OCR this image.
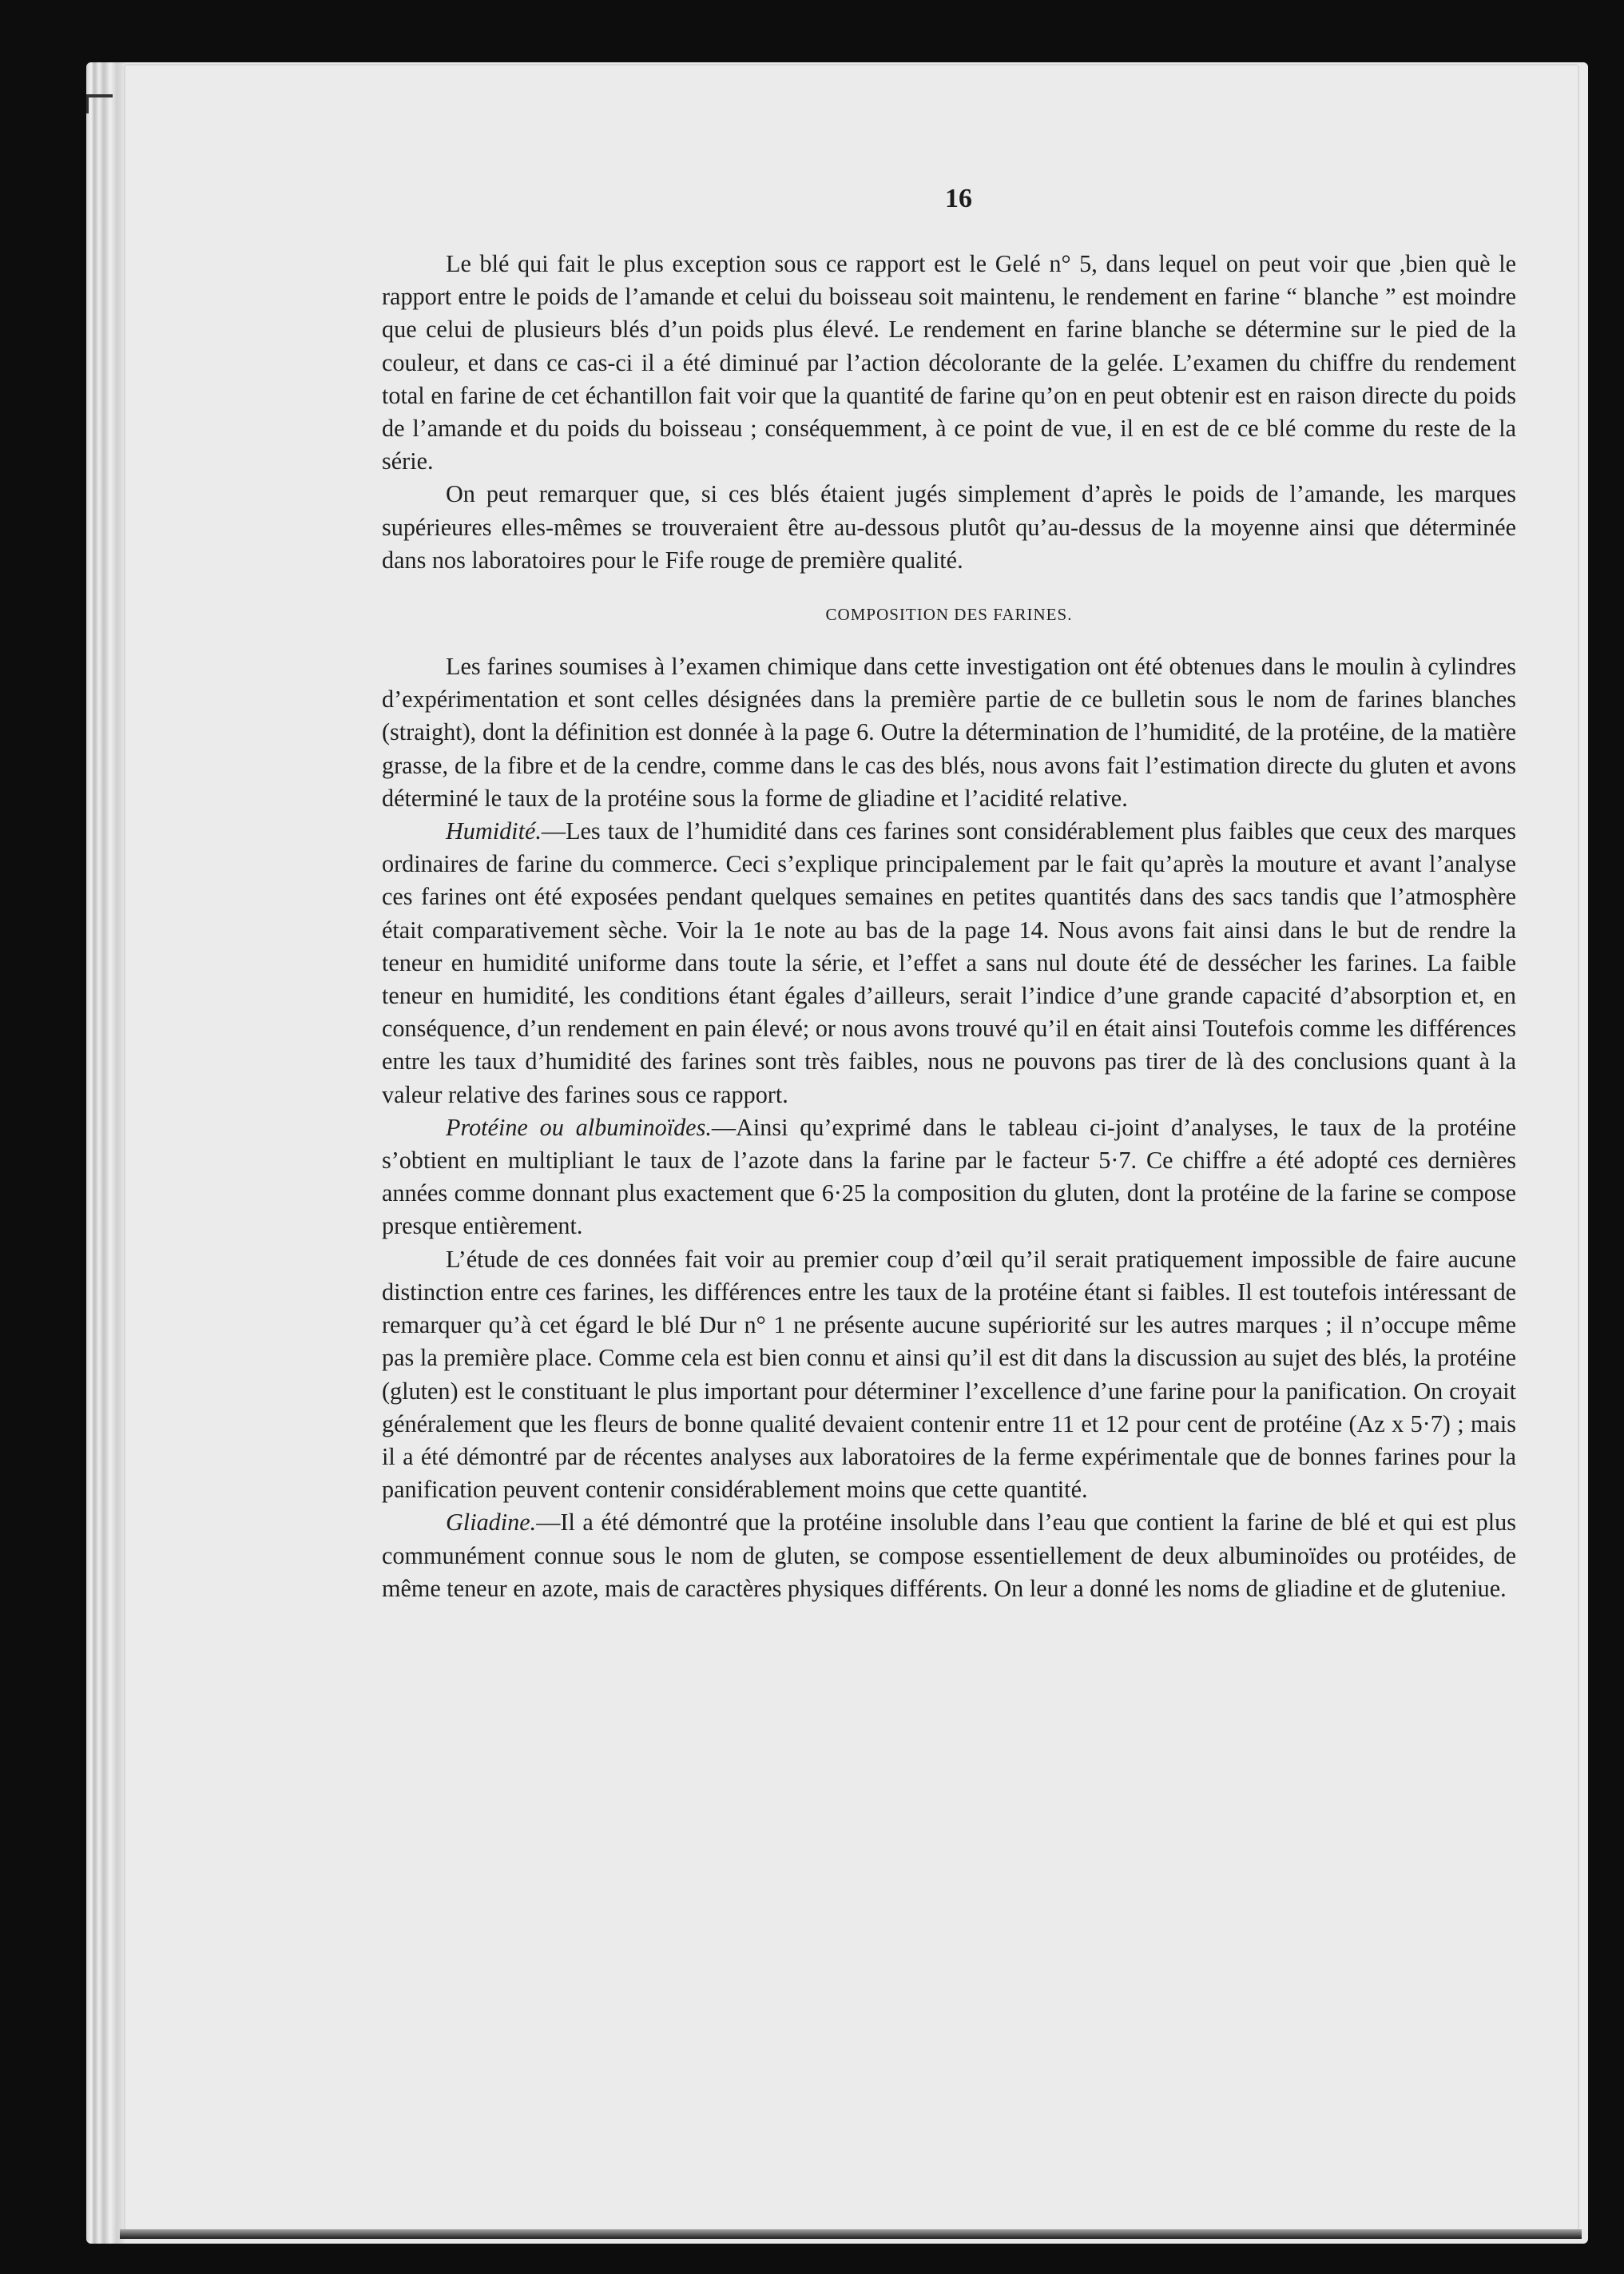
16

Le blé qui fait le plus exception sous ce rapport est le Gelé n° 5, dans lequel on peut voir que ,bien què le rapport entre le poids de l’amande et celui du boisseau soit maintenu, le rendement en farine “ blanche ” est moindre que celui de plusieurs blés d’un poids plus élevé. Le rendement en farine blanche se détermine sur le pied de la couleur, et dans ce cas-ci il a été diminué par l’action décolorante de la gelée. L’examen du chiffre du rendement total en farine de cet échantillon fait voir que la quantité de farine qu’on en peut obtenir est en raison directe du poids de l’amande et du poids du boisseau ; conséquemment, à ce point de vue, il en est de ce blé comme du reste de la série.

On peut remarquer que, si ces blés étaient jugés simplement d’après le poids de l’amande, les marques supérieures elles-mêmes se trouveraient être au-dessous plutôt qu’au-dessus de la moyenne ainsi que déterminée dans nos laboratoires pour le Fife rouge de première qualité.

COMPOSITION DES FARINES.

Les farines soumises à l’examen chimique dans cette investigation ont été obtenues dans le moulin à cylindres d’expérimentation et sont celles désignées dans la première partie de ce bulletin sous le nom de farines blanches (straight), dont la définition est donnée à la page 6. Outre la détermination de l’humidité, de la protéine, de la matière grasse, de la fibre et de la cendre, comme dans le cas des blés, nous avons fait l’estimation directe du gluten et avons déterminé le taux de la protéine sous la forme de gliadine et l’acidité relative.

Humidité.—Les taux de l’humidité dans ces farines sont considérablement plus faibles que ceux des marques ordinaires de farine du commerce. Ceci s’explique principalement par le fait qu’après la mouture et avant l’analyse ces farines ont été exposées pendant quelques semaines en petites quantités dans des sacs tandis que l’atmosphère était comparativement sèche. Voir la 1e note au bas de la page 14. Nous avons fait ainsi dans le but de rendre la teneur en humidité uniforme dans toute la série, et l’effet a sans nul doute été de dessécher les farines. La faible teneur en humidité, les conditions étant égales d’ailleurs, serait l’indice d’une grande capacité d’absorption et, en conséquence, d’un rendement en pain élevé; or nous avons trouvé qu’il en était ainsi Toutefois comme les différences entre les taux d’humidité des farines sont très faibles, nous ne pouvons pas tirer de là des conclusions quant à la valeur relative des farines sous ce rapport.

Protéine ou albuminoïdes.—Ainsi qu’exprimé dans le tableau ci-joint d’analyses, le taux de la protéine s’obtient en multipliant le taux de l’azote dans la farine par le facteur 5·7. Ce chiffre a été adopté ces dernières années comme donnant plus exactement que 6·25 la composition du gluten, dont la protéine de la farine se compose presque entièrement.

L’étude de ces données fait voir au premier coup d’œil qu’il serait pratiquement impossible de faire aucune distinction entre ces farines, les différences entre les taux de la protéine étant si faibles. Il est toutefois intéressant de remarquer qu’à cet égard le blé Dur n° 1 ne présente aucune supériorité sur les autres marques ; il n’occupe même pas la première place. Comme cela est bien connu et ainsi qu’il est dit dans la discussion au sujet des blés, la protéine (gluten) est le constituant le plus important pour déterminer l’excellence d’une farine pour la panification. On croyait généralement que les fleurs de bonne qualité devaient contenir entre 11 et 12 pour cent de protéine (Az x 5·7) ; mais il a été démontré par de récentes analyses aux laboratoires de la ferme expérimentale que de bonnes farines pour la panification peuvent contenir considérablement moins que cette quantité.

Gliadine.—Il a été démontré que la protéine insoluble dans l’eau que contient la farine de blé et qui est plus communément connue sous le nom de gluten, se compose essentiellement de deux albuminoïdes ou protéides, de même teneur en azote, mais de caractères physiques différents. On leur a donné les noms de gliadine et de gluteniue.
